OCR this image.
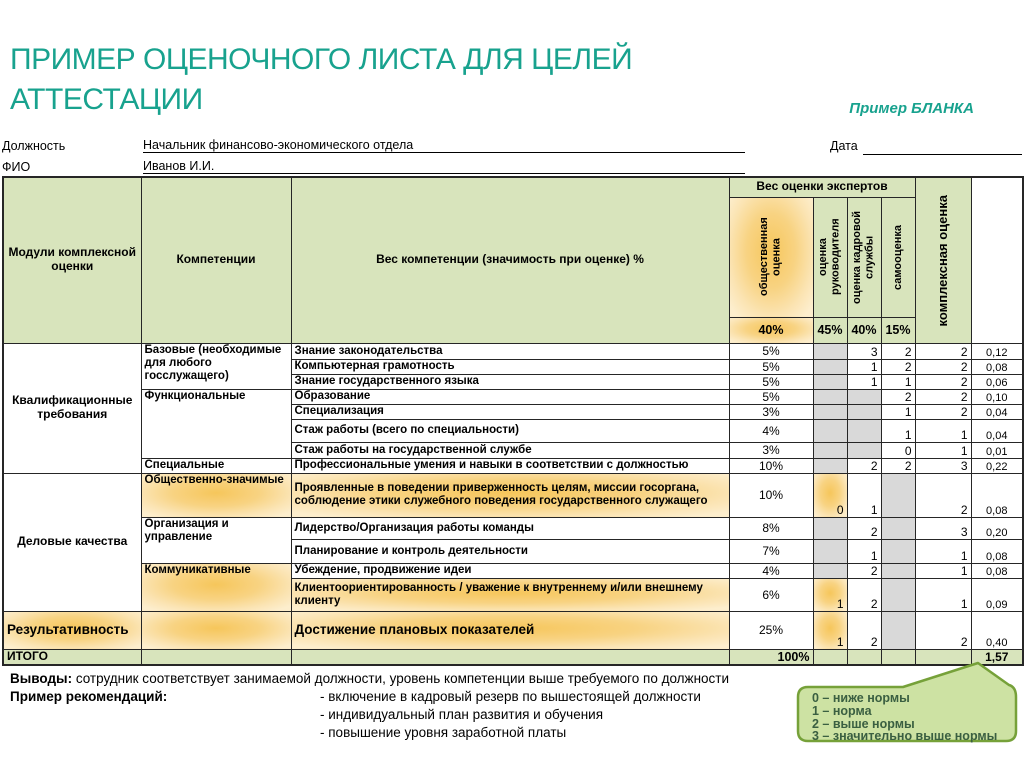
ПРИМЕР ОЦЕНОЧНОГО ЛИСТА ДЛЯ ЦЕЛЕЙ АТТЕСТАЦИИ	Пример БЛАНКА
Должность	Начальник финансово-экономического отдела	Дата
ФИО	Иванов И.И.
Модули комплексной оценки	Компетенции	Вес компетенции (значимость при оценке) %	Вес оценки экспертов				комплексная оценка	

			общественная оценка	оценка руководителя	оценка кадровой службы	самооценка		

			40%	45%	40%	15%		
Квалификационные требования	Базовые (необходимые для любого госслужащего)	Знание законодательства	5%		3	2	2	0,12
		Компьютерная грамотность	5%		1	2	2	0,08
		Знание государственного языка	5%		1	1	2	0,06
	Функциональные	Образование	5%			2	2	0,10
		Специализация	3%			1	2	0,04
		Стаж работы (всего по специальности)	4%			1	1	0,04
		Стаж работы на государственной службе	3%			0	1	0,01
	Специальные	Профессиональные умения и навыки в соответствии с должностью	10%		2	2	3	0,22
Деловые качества	Общественно-значимые	Проявленные в поведении приверженность целям, миссии госоргана, соблюдение этики служебного поведения государственного служащего	10%	0	1		2	0,08
	Организация и управление	Лидерство/Организация работы команды	8%		2		3	0,20
		Планирование и контроль деятельности	7%		1		1	0,08
	Коммуникативные	Убеждение, продвижение идеи	4%		2		1	0,08
		Клиентоориентированность / уважение к внутреннему и/или внешнему клиенту	6%	1	2		1	0,09
Результативность		Достижение плановых показателей	25%	1	2		2	0,40
ИТОГО			100%					1,57
Выводы: сотрудник соответствует занимаемой должности, уровень компетенции выше требуемого по должности
Пример рекомендаций:	- включение в кадровый резерв по вышестоящей должности
- индивидуальный план развития и обучения
- повышение уровня заработной платы
0 – ниже нормы
1 – норма
2 – выше нормы
3 – значительно выше нормы
